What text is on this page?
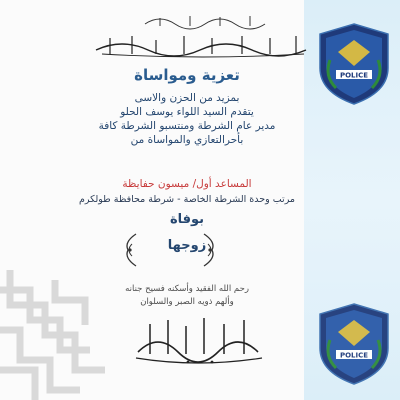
POLICE
POLICE
تعزية ومواساة
بمزيد من الحزن والاسى
يتقدم السيد اللواء يوسف الحلو
مدير عام الشرطة ومنتسبو الشرطة كافة
بأحرالتعازي والمواساة من
المساعد أول/ ميسون حفايظة
مرتب وحدة الشرطة الخاصة - شرطة محافظة طولكرم
بوفاة
زوجها
رحم الله الفقيد وأسكنه فسيح جنانه
وألهم ذويه الصبر والسلوان
